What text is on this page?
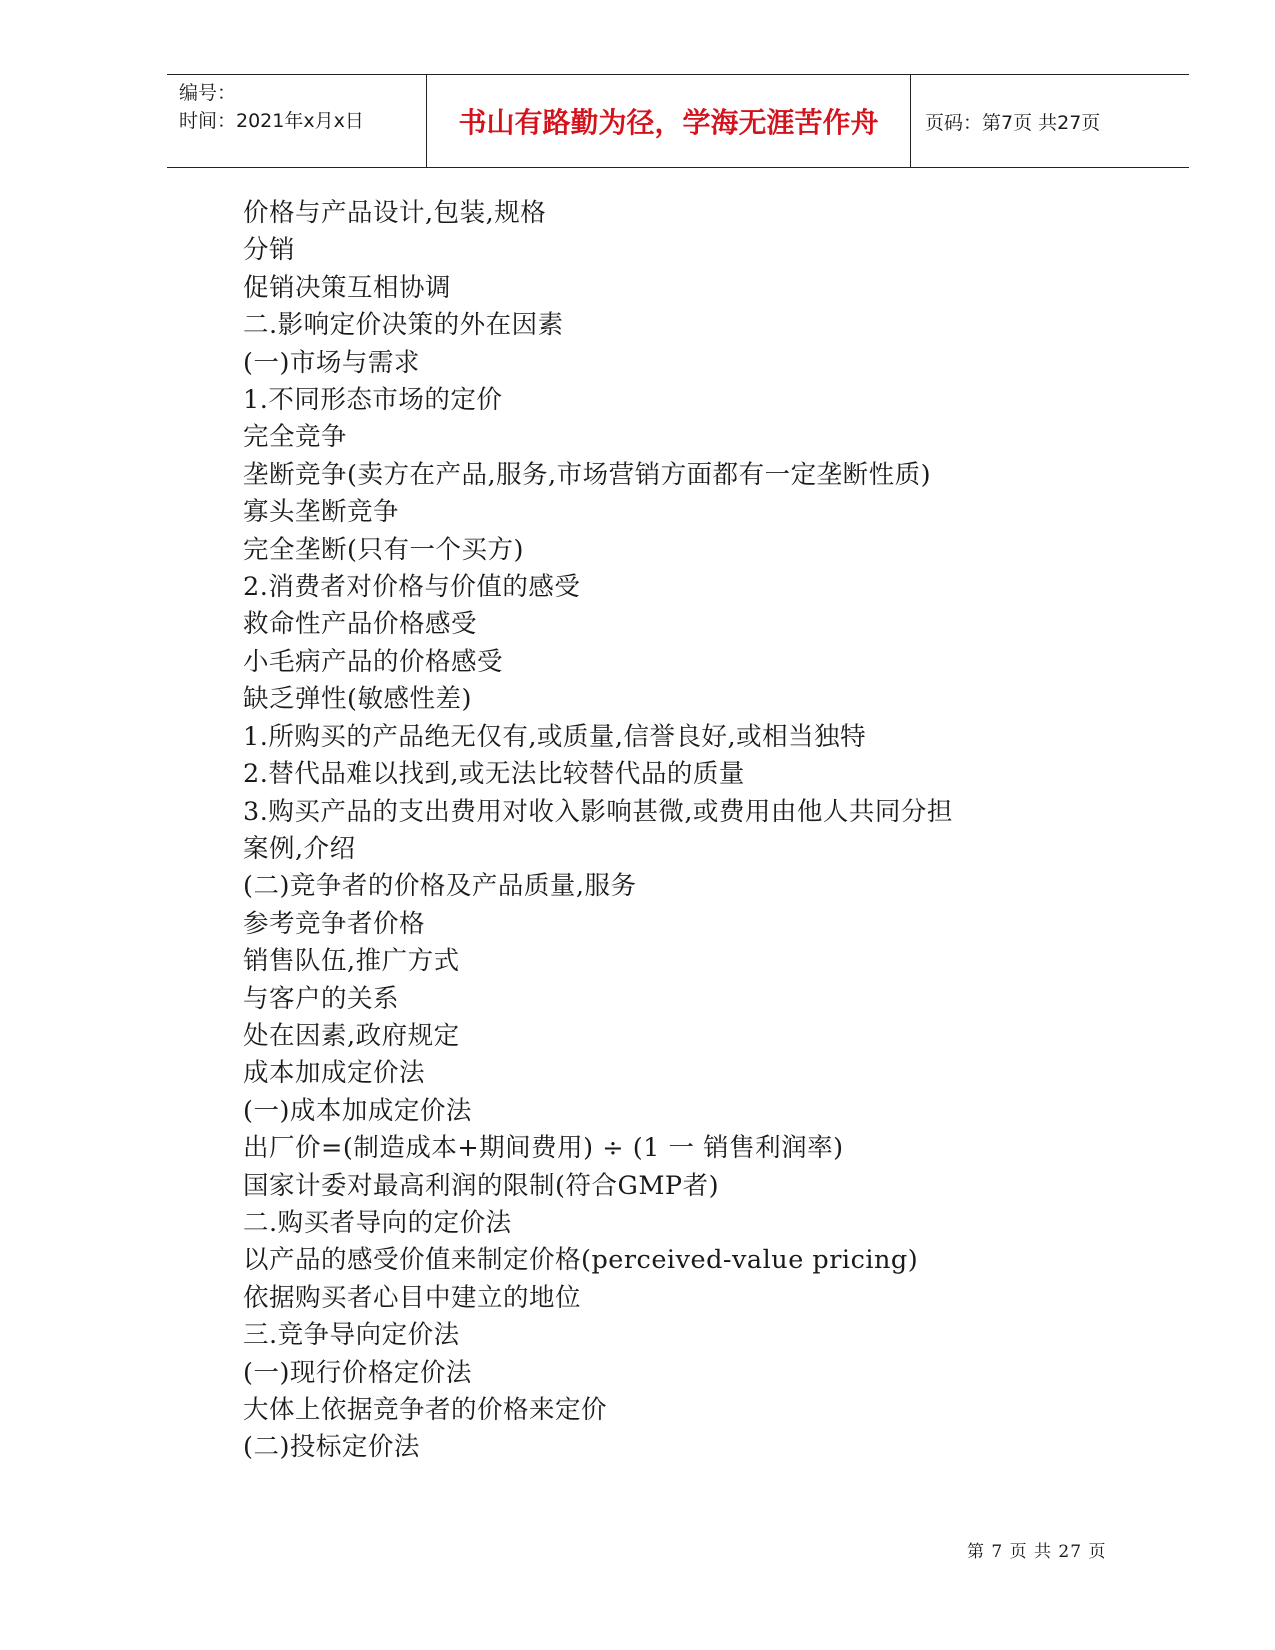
编号：
时间：2021年x月x日	书山有路勤为径，学海无涯苦作舟	页码：第7页 共27页
价格与产品设计,包装,规格
分销
促销决策互相协调
二.影响定价决策的外在因素
(一)市场与需求
1.不同形态市场的定价
完全竞争
垄断竞争(卖方在产品,服务,市场营销方面都有一定垄断性质)
寡头垄断竞争
完全垄断(只有一个买方)
2.消费者对价格与价值的感受
救命性产品价格感受
小毛病产品的价格感受
缺乏弹性(敏感性差)
1.所购买的产品绝无仅有,或质量,信誉良好,或相当独特
2.替代品难以找到,或无法比较替代品的质量
3.购买产品的支出费用对收入影响甚微,或费用由他人共同分担
案例,介绍
(二)竞争者的价格及产品质量,服务
参考竞争者价格
销售队伍,推广方式
与客户的关系
处在因素,政府规定
成本加成定价法
(一)成本加成定价法
出厂价=(制造成本+期间费用) ÷ (1 一 销售利润率)
国家计委对最高利润的限制(符合GMP者)
二.购买者导向的定价法
以产品的感受价值来制定价格(perceived-value pricing)
依据购买者心目中建立的地位
三.竞争导向定价法
(一)现行价格定价法
大体上依据竞争者的价格来定价
(二)投标定价法
第 7 页 共 27 页
